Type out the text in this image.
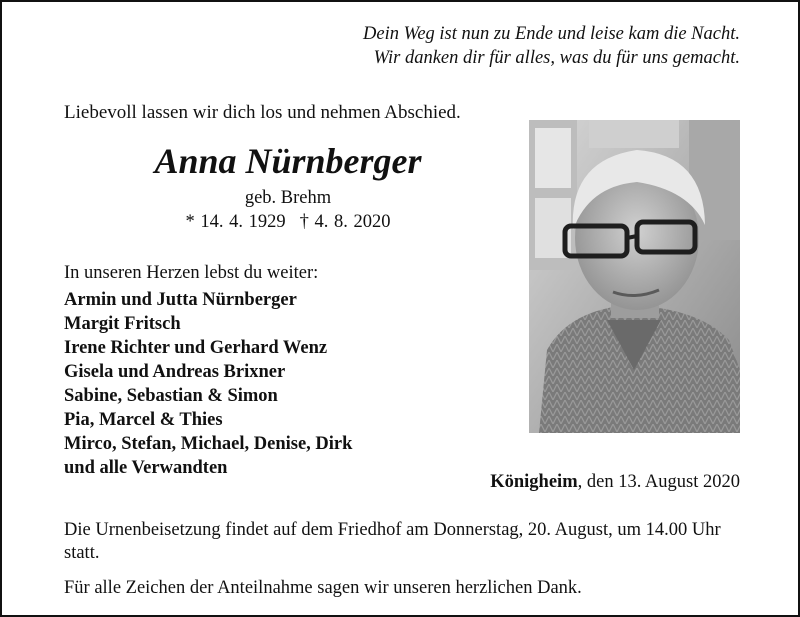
Dein Weg ist nun zu Ende und leise kam die Nacht.
Wir danken dir für alles, was du für uns gemacht.
Liebevoll lassen wir dich los und nehmen Abschied.
Anna Nürnberger
geb. Brehm
* 14. 4. 1929 † 4. 8. 2020
In unseren Herzen lebst du weiter:
Armin und Jutta Nürnberger
Margit Fritsch
Irene Richter und Gerhard Wenz
Gisela und Andreas Brixner
Sabine, Sebastian & Simon
Pia, Marcel & Thies
Mirco, Stefan, Michael, Denise, Dirk
und alle Verwandten
Königheim, den 13. August 2020
Die Urnenbeisetzung findet auf dem Friedhof am Donnerstag, 20. August, um 14.00 Uhr statt.
Für alle Zeichen der Anteilnahme sagen wir unseren herzlichen Dank.
